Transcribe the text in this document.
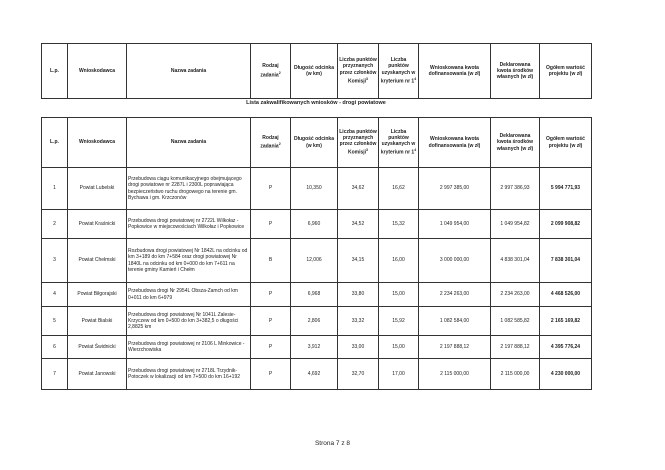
L.p.	Wnioskodawca	Nazwa zadania	Rodzaj zadania$^2$	Długość odcinka (w km)	Liczba punktów przyznanych przez członków Komisji$^3$	Liczba punktów uzyskanych w kryterium nr $1^4$	Wnioskowana kwota dofinansowania (w zł)	Deklarowana kwota środków własnych (w zł)	Ogółem wartość projektu (w zł)
Lista zakwalifikowanych wniosków - drogi powiatowe
L.p.	Wnioskodawca	Nazwa zadania	Rodzaj zadania$^2$	Długość odcinka (w km)	Liczba punktów przyznanych przez członków Komisji$^3$	Liczba punktów uzyskanych w kryterium nr $1^4$	Wnioskowana kwota dofinansowania (w zł)	Deklarowana kwota środków własnych (w zł)	Ogółem wartość projektu (w zł)
1	Powiat Lubelski	Przebudowa ciągu komunikacyjnego obejmującego drogi powiatowe nr 2287L i 2300L poprawiająca bezpieczeństwo ruchu drogowego na terenie gm. Bychawa i gm. Krzczonów	P	10,350	34,62	16,62	2 997 385,00	2 997 386,93	5 994 771,93
2	Powiat Kraśnicki	Przebudowa drogi powiatowej nr 2722L Wilkołaz - Popkowice w miejscowościach Wilkołaz i Popkowice	P	6,960	34,52	15,32	1 049 954,00	1 049 954,82	2 099 908,82
3	Powiat Chełmski	Rozbudowa drogi powiatowej Nr 1842L na odcinku od km 3+189 do km 7+584 oraz drogi powiatowej Nr 1840L na odcinku od km 0+000 do km 7+611 na terenie gminy Kamień i Chełm	B	12,006	34,15	16,00	3 000 000,00	4 838 301,04	7 838 301,04
4	Powiat Biłgorajski	Przebudowa drogi Nr 2954L Obsza-Zamch od km 0+011 do km 6+979	P	6,968	33,80	15,00	2 234 263,00	2 234 263,00	4 468 526,00
5	Powiat Bialski	Przebudowa drogi powiatowej Nr 1041L Zalesie-Krzyczew od km 0+500 do km 3+382,5 o długości 2,8825 km	P	2,806	33,32	15,92	1 082 584,00	1 082 585,82	2 165 169,82
6	Powiat Świdnicki	Przebudowa drogi powiatowej nr 2106 L Minkowice - Wierzchowiska	P	3,912	33,00	15,00	2 197 888,12	2 197 888,12	4 395 776,24
7	Powiat Janowski	Przebudowa drogi powiatowej nr 2718L Trzydnik-Potoczek w lokalizacji od km 7+500 do km 16+192	P	4,692	32,70	17,00	2 115 000,00	2 115 000,00	4 230 000,00
Strona 7 z 8
